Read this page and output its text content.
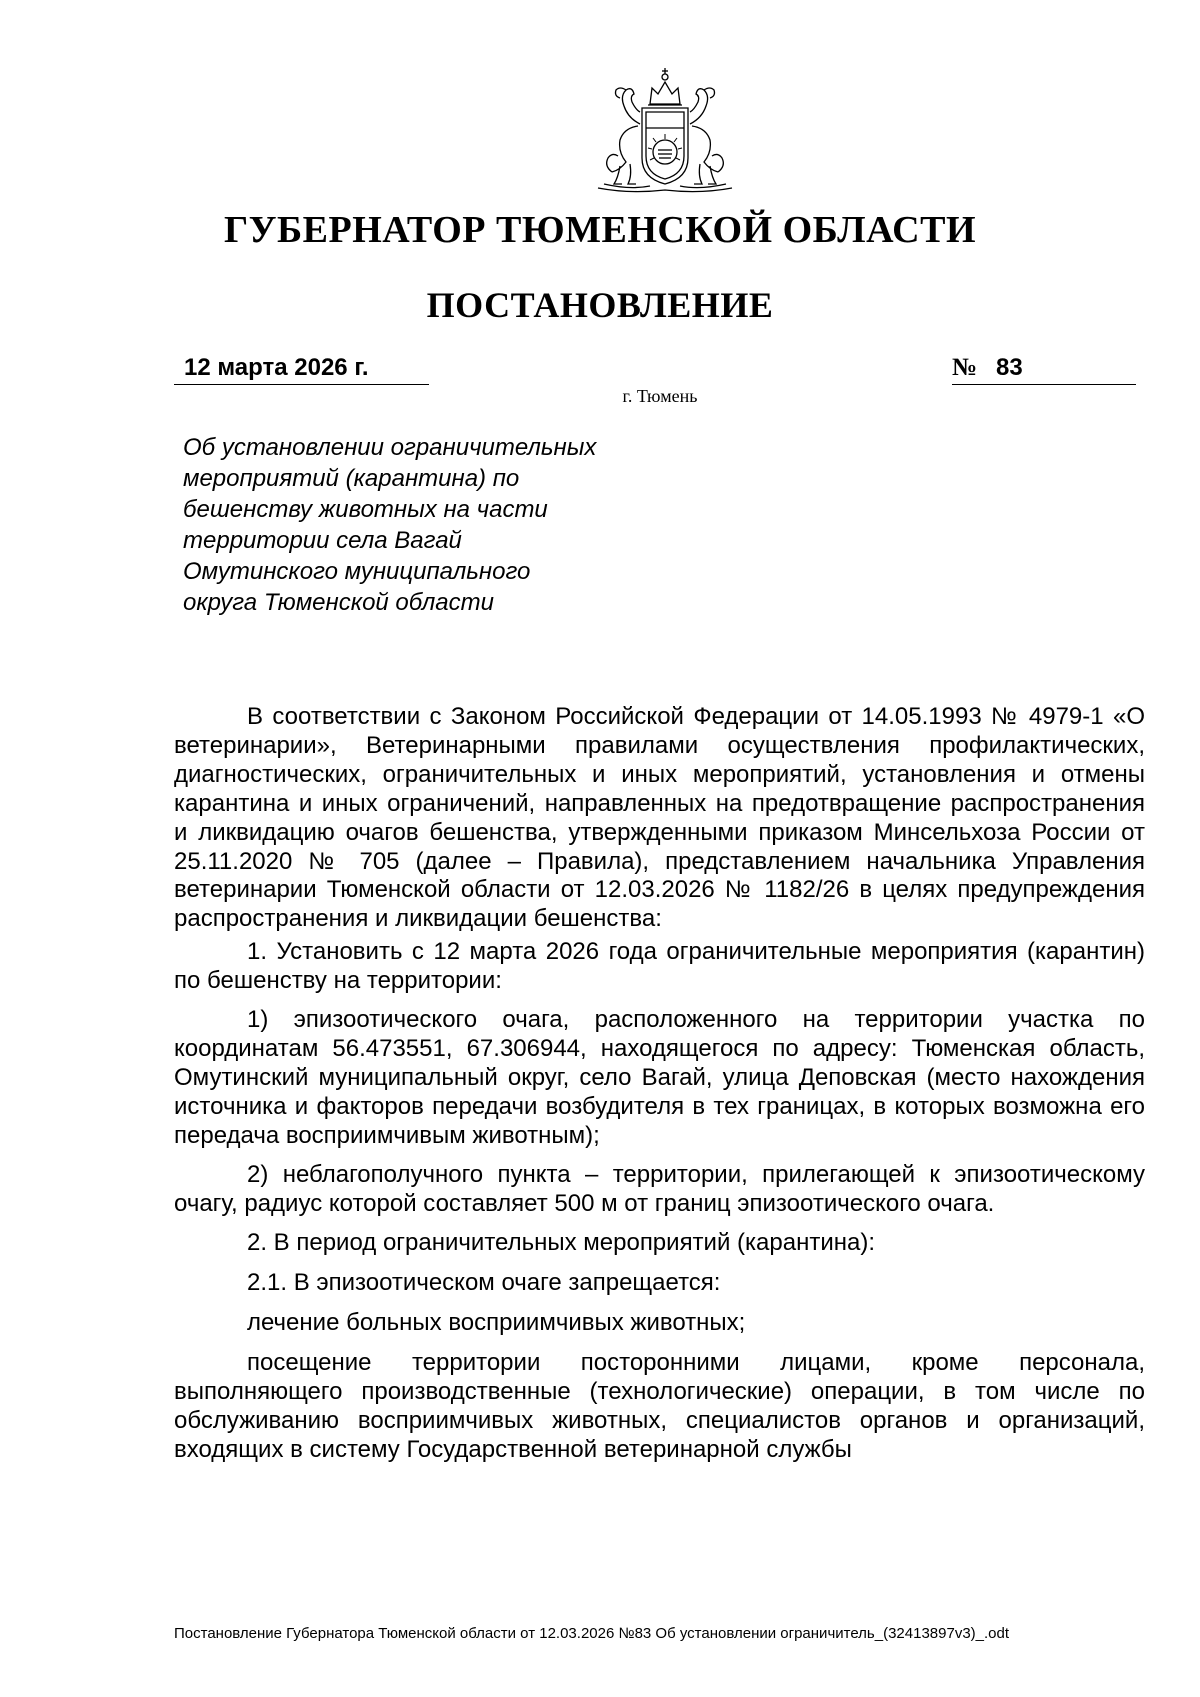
ГУБЕРНАТОР ТЮМЕНСКОЙ ОБЛАСТИ
ПОСТАНОВЛЕНИЕ
12 марта 2026 г.	№ 83
г. Тюмень
Об установлении ограничительных
мероприятий (карантина) по
бешенству животных на части
территории села Вагай
Омутинского муниципального
округа Тюменской области

В соответствии с Законом Российской Федерации от 14.05.1993 № 4979-1 «О ветеринарии», Ветеринарными правилами осуществления профилактических, диагностических, ограничительных и иных мероприятий, установления и отмены карантина и иных ограничений, направленных на предотвращение распространения и ликвидацию очагов бешенства, утвержденными приказом Минсельхоза России от 25.11.2020 № 705 (далее – Правила), представлением начальника Управления ветеринарии Тюменской области от 12.03.2026 № 1182/26 в целях предупреждения распространения и ликвидации бешенства:

1. Установить с 12 марта 2026 года ограничительные мероприятия (карантин) по бешенству на территории:

1) эпизоотического очага, расположенного на территории участка по координатам 56.473551, 67.306944, находящегося по адресу: Тюменская область, Омутинский муниципальный округ, село Вагай, улица Деповская (место нахождения источника и факторов передачи возбудителя в тех границах, в которых возможна его передача восприимчивым животным);

2) неблагополучного пункта – территории, прилегающей к эпизоотическому очагу, радиус которой составляет 500 м от границ эпизоотического очага.

2. В период ограничительных мероприятий (карантина):

2.1. В эпизоотическом очаге запрещается:

лечение больных восприимчивых животных;

посещение территории посторонними лицами, кроме персонала, выполняющего производственные (технологические) операции, в том числе по обслуживанию восприимчивых животных, специалистов органов и организаций, входящих в систему Государственной ветеринарной службы

Постановление Губернатора Тюменской области от 12.03.2026 №83 Об установлении ограничитель_(32413897v3)_.odt
